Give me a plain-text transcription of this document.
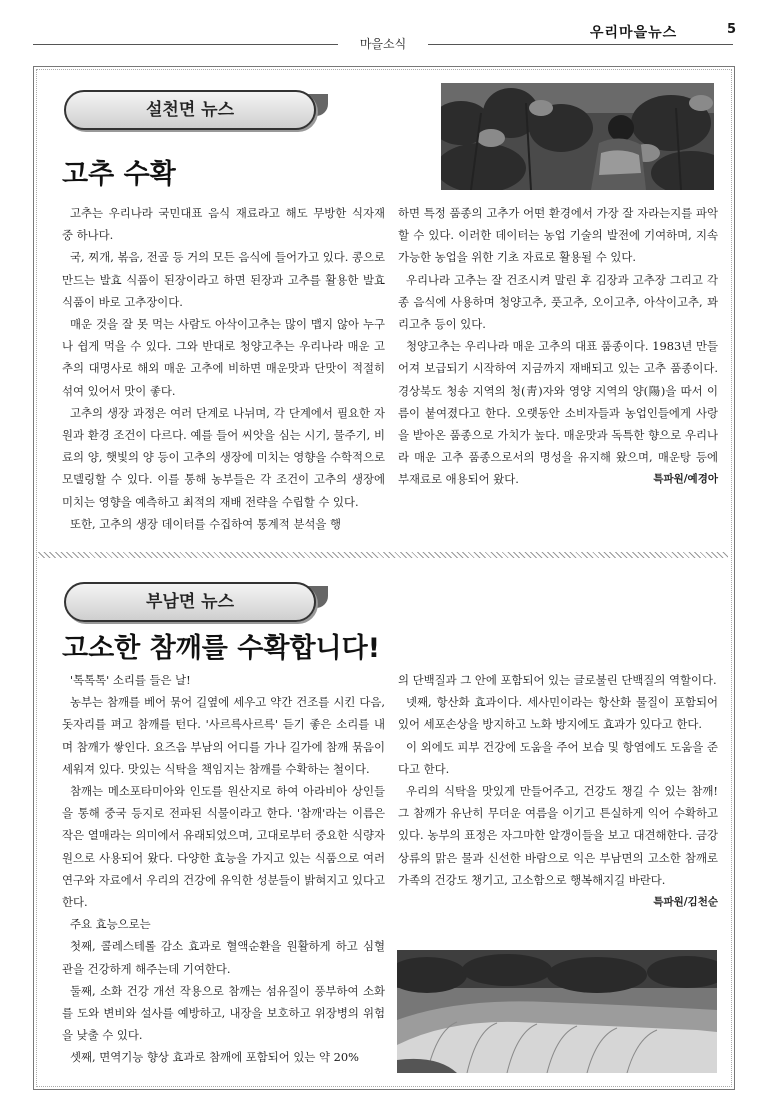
마을소식
우리마을뉴스	5
설천면 뉴스
고추 수확

고추는 우리나라 국민대표 음식 재료라고 해도 무방한 식자재 중 하나다.

국, 찌개, 볶음, 전골 등 거의 모든 음식에 들어가고 있다. 콩으로 만드는 발효 식품이 된장이라고 하면 된장과 고추를 활용한 발효 식품이 바로 고추장이다.

매운 것을 잘 못 먹는 사람도 아삭이고추는 많이 맵지 않아 누구나 쉽게 먹을 수 있다. 그와 반대로 청양고추는 우리나라 매운 고추의 대명사로 해외 매운 고추에 비하면 매운맛과 단맛이 적절히 섞여 있어서 맛이 좋다.

고추의 생장 과정은 여러 단계로 나뉘며, 각 단계에서 필요한 자원과 환경 조건이 다르다. 예를 들어 씨앗을 심는 시기, 물주기, 비료의 양, 햇빛의 양 등이 고추의 생장에 미치는 영향을 수학적으로 모델링할 수 있다. 이를 통해 농부들은 각 조건이 고추의 생장에 미치는 영향을 예측하고 최적의 재배 전략을 수립할 수 있다.

또한, 고추의 생장 데이터를 수집하여 통계적 분석을 행

하면 특정 품종의 고추가 어떤 환경에서 가장 잘 자라는지를 파악할 수 있다. 이러한 데이터는 농업 기술의 발전에 기여하며, 지속 가능한 농업을 위한 기초 자료로 활용될 수 있다.

우리나라 고추는 잘 건조시켜 말린 후 김장과 고추장 그리고 각종 음식에 사용하며 청양고추, 풋고추, 오이고추, 아삭이고추, 꽈리고추 등이 있다.

청양고추는 우리나라 매운 고추의 대표 품종이다. 1983년 만들어져 보급되기 시작하여 지금까지 재배되고 있는 고추 품종이다. 경상북도 청송 지역의 청(靑)자와 영양 지역의 양(陽)을 따서 이름이 붙여졌다고 한다. 오랫동안 소비자들과 농업인들에게 사랑을 받아온 품종으로 가치가 높다. 매운맛과 독특한 향으로 우리나라 매운 고추 품종으로서의 명성을 유지해 왔으며, 매운탕 등에 부재료로 애용되어 왔다.	특파원/예경아

부남면 뉴스
고소한 참깨를 수확합니다!

'톡톡톡' 소리를 들은 날!

농부는 참깨를 베어 묶어 길옆에 세우고 약간 건조를 시킨 다음, 돗자리를 펴고 참깨를 턴다. '사르륵사르륵' 듣기 좋은 소리를 내며 참깨가 쌓인다. 요즈음 부남의 어디를 가나 길가에 참깨 묶음이 세워져 있다. 맛있는 식탁을 책임지는 참깨를 수확하는 철이다.

참깨는 메소포타미아와 인도를 원산지로 하여 아라비아 상인들을 통해 중국 등지로 전파된 식물이라고 한다. '참깨'라는 이름은 작은 열매라는 의미에서 유래되었으며, 고대로부터 중요한 식량자원으로 사용되어 왔다. 다양한 효능을 가지고 있는 식품으로 여러 연구와 자료에서 우리의 건강에 유익한 성분들이 밝혀지고 있다고 한다.

주요 효능으로는

첫째, 콜레스테롤 감소 효과로 혈액순환을 원활하게 하고 심혈관을 건강하게 해주는데 기여한다.

둘째, 소화 건강 개선 작용으로 참깨는 섬유질이 풍부하여 소화를 도와 변비와 설사를 예방하고, 내장을 보호하고 위장병의 위험을 낮출 수 있다.

셋째, 면역기능 향상 효과로 참깨에 포함되어 있는 약 20%

의 단백질과 그 안에 포함되어 있는 글로불린 단백질의 역할이다.

넷째, 항산화 효과이다. 세사민이라는 항산화 물질이 포함되어 있어 세포손상을 방지하고 노화 방지에도 효과가 있다고 한다.

이 외에도 피부 건강에 도움을 주어 보습 및 항염에도 도움을 준다고 한다.

우리의 식탁을 맛있게 만들어주고, 건강도 챙길 수 있는 참깨! 그 참깨가 유난히 무더운 여름을 이기고 튼실하게 익어 수확하고 있다. 농부의 표정은 자그마한 알갱이들을 보고 대견해한다. 금강 상류의 맑은 물과 신선한 바람으로 익은 부남면의 고소한 참깨로 가족의 건강도 챙기고, 고소함으로 행복해지길 바란다.
특파원/김천순
